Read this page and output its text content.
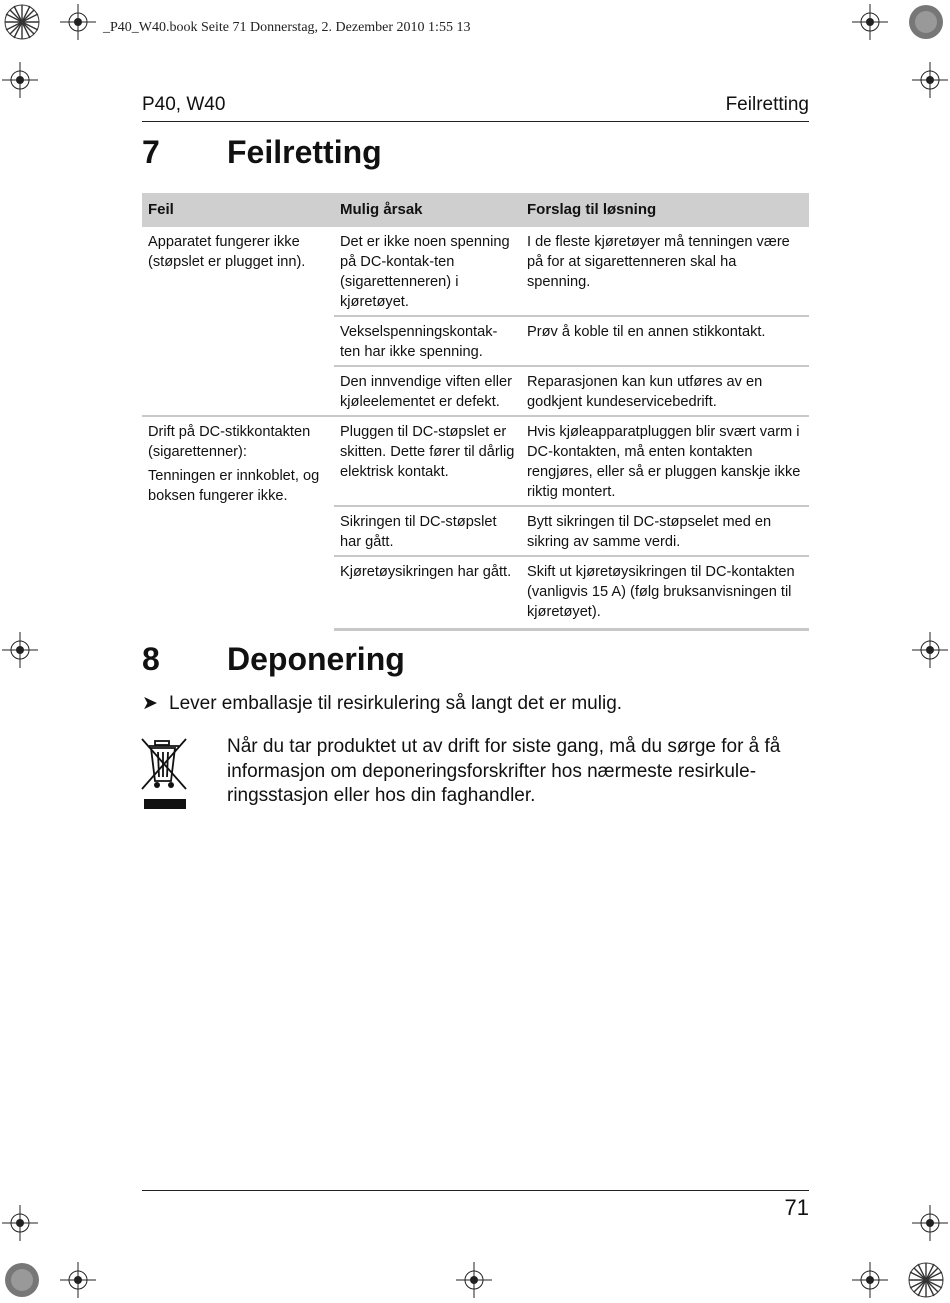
_P40_W40.book Seite 71 Donnerstag, 2. Dezember 2010 1:55 13
P40, W40	Feilretting
7 Feilretting
Feil	Mulig årsak	Forslag til løsning

Apparatet fungerer ikke (støpslet er plugget inn).	Det er ikke noen spenning på DC-kontak-ten (sigarettenneren) i kjøretøyet.	I de fleste kjøretøyer må tenningen være på for at sigarettenneren skal ha spenning.
	Vekselspenningskontak-ten har ikke spenning.	Prøv å koble til en annen stikkontakt.
	Den innvendige viften eller kjøleelementet er defekt.	Reparasjonen kan kun utføres av en godkjent kundeservicebedrift.

Drift på DC-stikkontakten (sigarettenner):

Tenningen er innkoblet, og boksen fungerer ikke.	Pluggen til DC-støpslet er skitten. Dette fører til dårlig elektrisk kontakt.	Hvis kjøleapparatpluggen blir svært varm i DC-kontakten, må enten kontakten rengjøres, eller så er pluggen kanskje ikke riktig montert.
	Sikringen til DC-støpslet har gått.	Bytt sikringen til DC-støpselet med en sikring av samme verdi.
	Kjøretøysikringen har gått.	Skift ut kjøretøysikringen til DC-kontakten (vanligvis 15 A) (følg bruksanvisningen til kjøretøyet).
8 Deponering
➤ Lever emballasje til resirkulering så langt det er mulig.
Når du tar produktet ut av drift for siste gang, må du sørge for å få informasjon om deponeringsforskrifter hos nærmeste resirkule-ringsstasjon eller hos din faghandler.
71
